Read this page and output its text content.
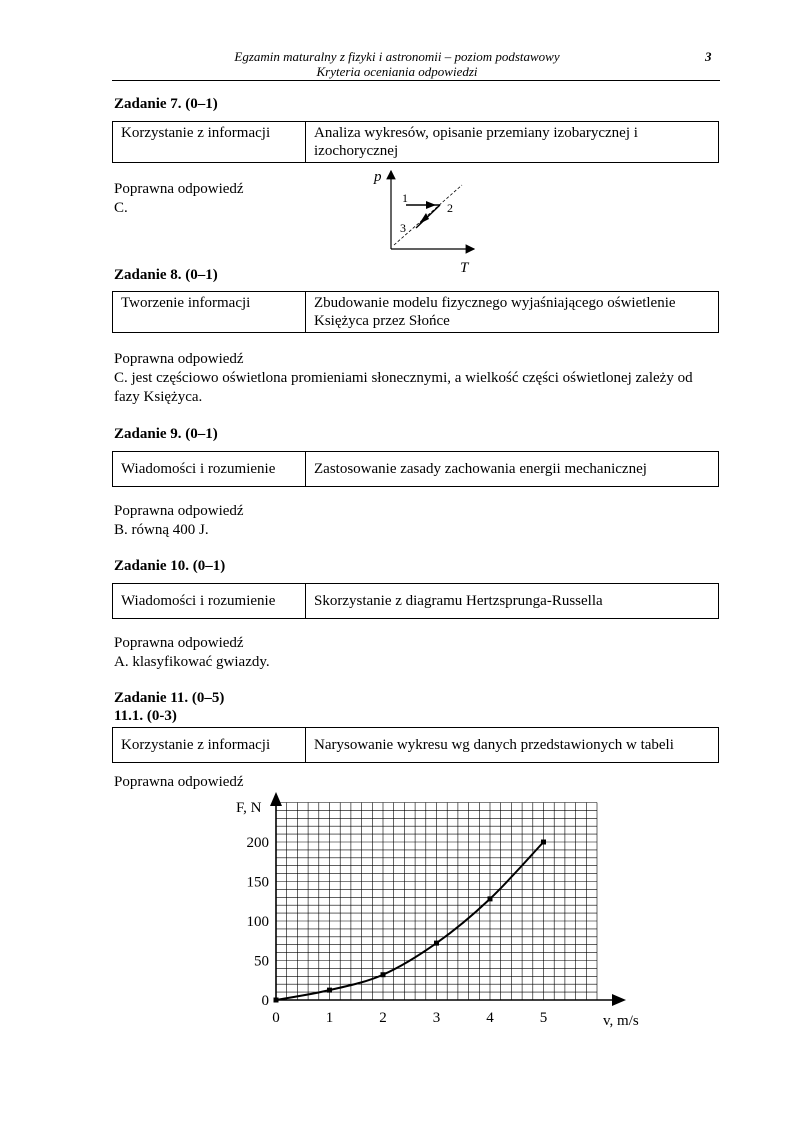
Egzamin maturalny z fizyki i astronomii – poziom podstawowy
Kryteria oceniania odpowiedzi
3
Zadanie 7. (0–1)
Korzystanie z informacji	Analiza wykresów, opisanie przemiany izobarycznej i izochorycznej
Poprawna odpowiedź
C.
p
T
1
2
3
Zadanie 8. (0–1)
Tworzenie informacji	Zbudowanie modelu fizycznego wyjaśniającego oświetlenie Księżyca przez Słońce
Poprawna odpowiedź
C. jest częściowo oświetlona promieniami słonecznymi, a wielkość części oświetlonej zależy od fazy Księżyca.
Zadanie 9. (0–1)
Wiadomości i rozumienie	Zastosowanie zasady zachowania energii mechanicznej
Poprawna odpowiedź
B. równą 400 J.
Zadanie 10. (0–1)
Wiadomości i rozumienie	Skorzystanie z diagramu Hertzsprunga-Russella
Poprawna odpowiedź
A. klasyfikować gwiazdy.
Zadanie 11. (0–5)
11.1. (0-3)
Korzystanie z informacji	Narysowanie wykresu wg danych przedstawionych w tabeli
Poprawna odpowiedź
0	1	2	3	4	5
0
50
100
150
200
F, N
v, m/s
